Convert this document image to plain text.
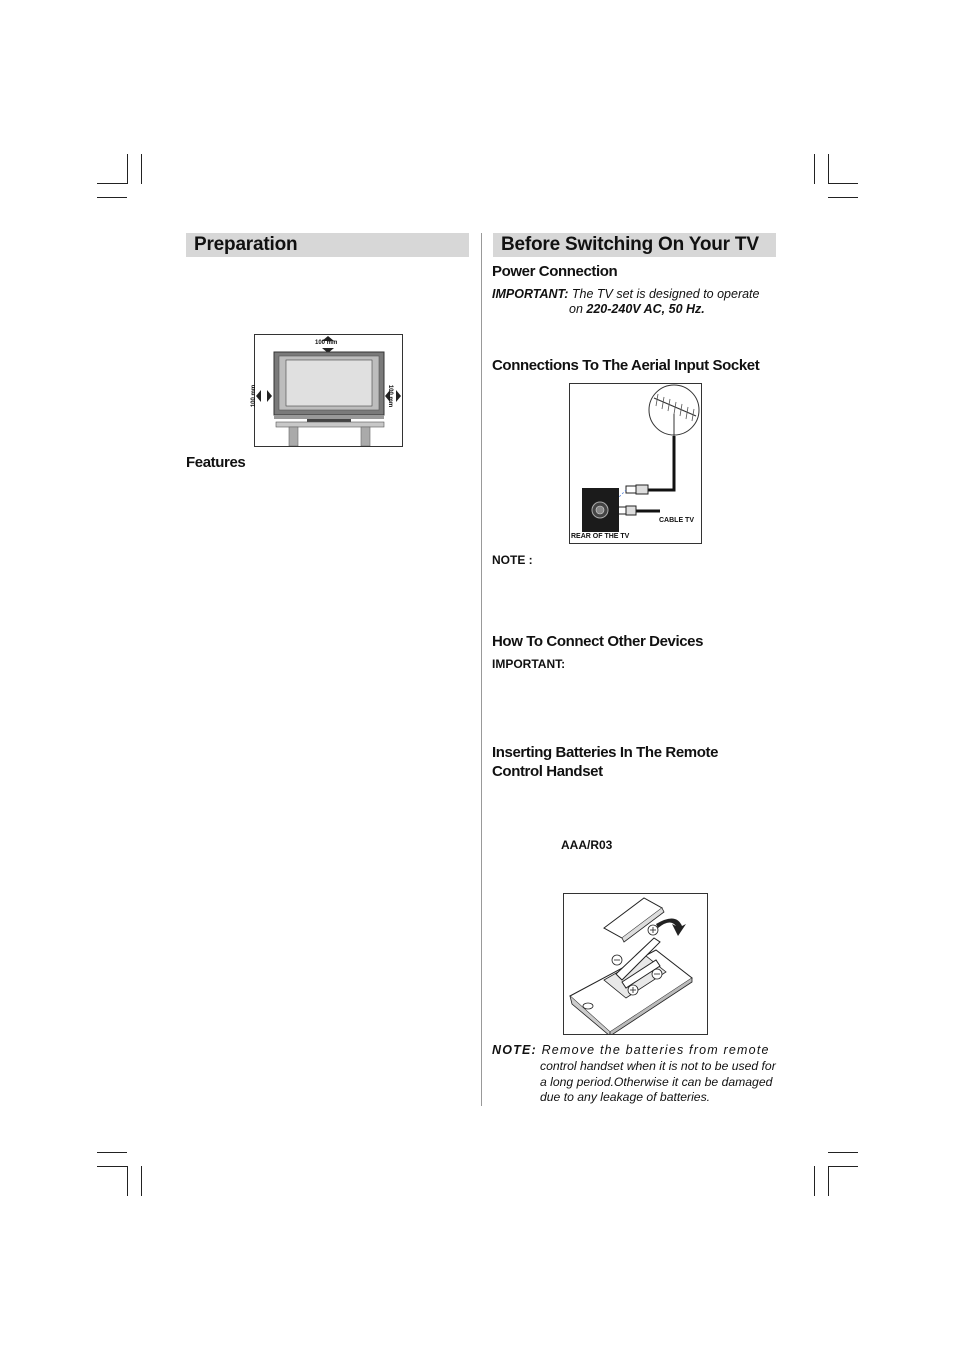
Preparation
100 mm
100 mm	100 mm
Features
Before Switching On Your TV
Power Connection
IMPORTANT: The TV set is designed to operate
on 220-240V AC, 50 Hz.
Connections To The Aerial Input Socket
CABLE TV
REAR OF THE TV
NOTE :
How To Connect Other Devices
IMPORTANT:
Inserting Batteries In The Remote
Control Handset
AAA/R03
NOTE: Remove the batteries from remote
control handset when it is not to be used for
a long period.Otherwise it can be damaged
due to any leakage of batteries.
